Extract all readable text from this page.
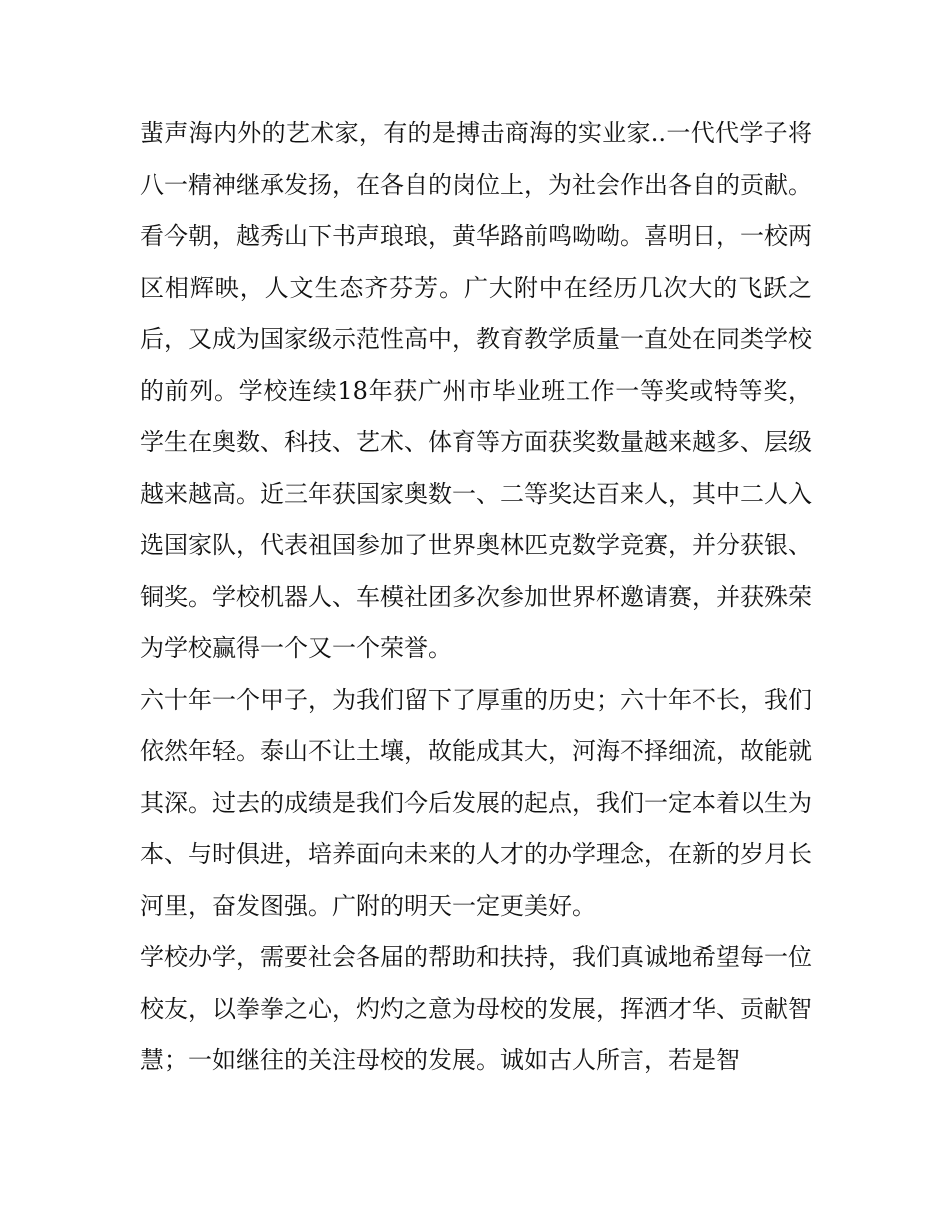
蜚声海内外的艺术家，有的是搏击商海的实业家..一代代学子将八一精神继承发扬，在各自的岗位上，为社会作出各自的贡献。

看今朝，越秀山下书声琅琅，黄华路前鸣呦呦。喜明日，一校两区相辉映，人文生态齐芬芳。广大附中在经历几次大的飞跃之后，又成为国家级示范性高中，教育教学质量一直处在同类学校的前列。学校连续18年获广州市毕业班工作一等奖或特等奖，学生在奥数、科技、艺术、体育等方面获奖数量越来越多、层级越来越高。近三年获国家奥数一、二等奖达百来人，其中二人入选国家队，代表祖国参加了世界奥林匹克数学竞赛，并分获银、铜奖。学校机器人、车模社团多次参加世界杯邀请赛，并获殊荣为学校赢得一个又一个荣誉。

六十年一个甲子，为我们留下了厚重的历史；六十年不长，我们依然年轻。泰山不让土壤，故能成其大，河海不择细流，故能就其深。过去的成绩是我们今后发展的起点，我们一定本着以生为本、与时俱进，培养面向未来的人才的办学理念，在新的岁月长河里，奋发图强。广附的明天一定更美好。

学校办学，需要社会各届的帮助和扶持，我们真诚地希望每一位校友，以拳拳之心，灼灼之意为母校的发展，挥洒才华、贡献智慧；一如继往的关注母校的发展。诚如古人所言，若是智
